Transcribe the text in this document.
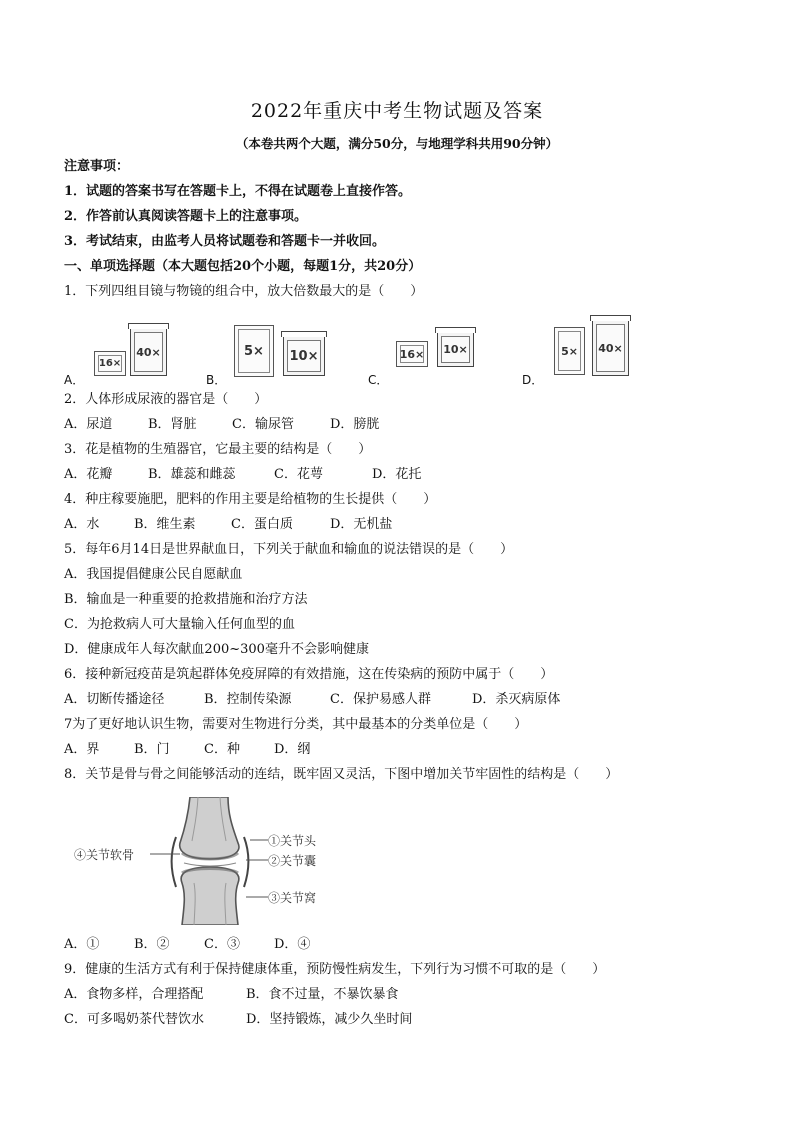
2022年重庆中考生物试题及答案
（本卷共两个大题，满分50分，与地理学科共用90分钟）
注意事项：
1．试题的答案书写在答题卡上，不得在试题卷上直接作答。
2．作答前认真阅读答题卡上的注意事项。
3．考试结束，由监考人员将试题卷和答题卡一并收回。
一、单项选择题（本大题包括20个小题，每题1分，共20分）
1．下列四组目镜与物镜的组合中，放大倍数最大的是（　　）
A．
16×
40×
B．
5×	10×
C．
16× 10×
D．
5× 40×
2．人体形成尿液的器官是（　　）
A．尿道	B．肾脏	C．输尿管	D．膀胱
3．花是植物的生殖器官，它最主要的结构是（　　）
A．花瓣	B．雄蕊和雌蕊	C．花萼	D．花托
4．种庄稼要施肥，肥料的作用主要是给植物的生长提供（　　）
A．水	B．维生素	C．蛋白质	D．无机盐
5．每年6月14日是世界献血日，下列关于献血和输血的说法错误的是（　　）
A．我国提倡健康公民自愿献血
B．输血是一种重要的抢救措施和治疗方法
C．为抢救病人可大量输入任何血型的血
D．健康成年人每次献血200~300毫升不会影响健康
6．接种新冠疫苗是筑起群体免疫屏障的有效措施，这在传染病的预防中属于（　　）
A．切断传播途径	B．控制传染源	C．保护易感人群	D．杀灭病原体
7为了更好地认识生物，需要对生物进行分类，其中最基本的分类单位是（　　）
A．界	B．门	C．种	D．纲
8．关节是骨与骨之间能够活动的连结，既牢固又灵活，下图中增加关节牢固性的结构是（　　）
④关节软骨
①关节头
②关节囊
③关节窝
A．①	B．②	C．③	D．④
9．健康的生活方式有利于保持健康体重，预防慢性病发生，下列行为习惯不可取的是（　　）
A．食物多样，合理搭配	B．食不过量，不暴饮暴食
C．可多喝奶茶代替饮水	D．坚持锻炼，减少久坐时间
